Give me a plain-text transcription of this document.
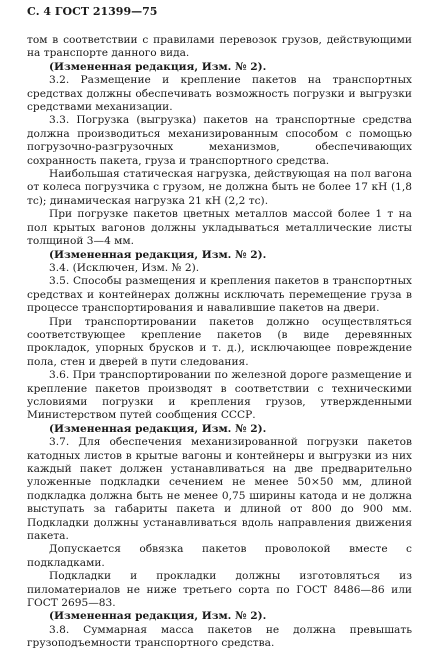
С. 4 ГОСТ 21399—75

том в соответствии с правилами перевозок грузов, действующими на транспорте данного вида.

(Измененная редакция, Изм. № 2).

3.2. Размещение и крепление пакетов на транспортных средствах должны обеспечивать возможность погрузки и выгрузки средствами механизации.

3.3. Погрузка (выгрузка) пакетов на транспортные средства должна производиться механизированным способом с помощью погрузочно-разгрузочных механизмов, обеспечивающих сохранность пакета, груза и транспортного средства.

Наибольшая статическая нагрузка, действующая на пол вагона от колеса погрузчика с грузом, не должна быть не более 17 кН (1,8 тс); динамическая нагрузка 21 кН (2,2 тс).

При погрузке пакетов цветных металлов массой более 1 т на пол крытых вагонов должны укладываться металлические листы толщиной 3—4 мм.

(Измененная редакция, Изм. № 2).

3.4. (Исключен, Изм. № 2).

3.5. Способы размещения и крепления пакетов в транспортных средствах и контейнерах должны исключать перемещение груза в процессе транспортирования и навалившие пакетов на двери.

При транспортировании пакетов должно осуществляться соответствующее крепление пакетов (в виде деревянных прокладок, упорных брусков и т. д.), исключающее повреждение пола, стен и дверей в пути следования.

3.6. При транспортировании по железной дороге размещение и крепление пакетов производят в соответствии с техническими условиями погрузки и крепления грузов, утвержденными Министерством путей сообщения СССР.

(Измененная редакция, Изм. № 2).

3.7. Для обеспечения механизированной погрузки пакетов катодных листов в крытые вагоны и контейнеры и выгрузки из них каждый пакет должен устанавливаться на две предварительно уложенные подкладки сечением не менее 50×50 мм, длиной подкладка должна быть не менее 0,75 ширины катода и не должна выступать за габариты пакета и длиной от 800 до 900 мм. Подкладки должны устанавливаться вдоль направления движения пакета.

Допускается обвязка пакетов проволокой вместе с подкладками.

Подкладки и прокладки должны изготовляться из пиломатериалов не ниже третьего сорта по ГОСТ 8486—86 или ГОСТ 2695—83.

(Измененная редакция, Изм. № 2).

3.8. Суммарная масса пакетов не должна превышать грузоподъемности транспортного средства.
